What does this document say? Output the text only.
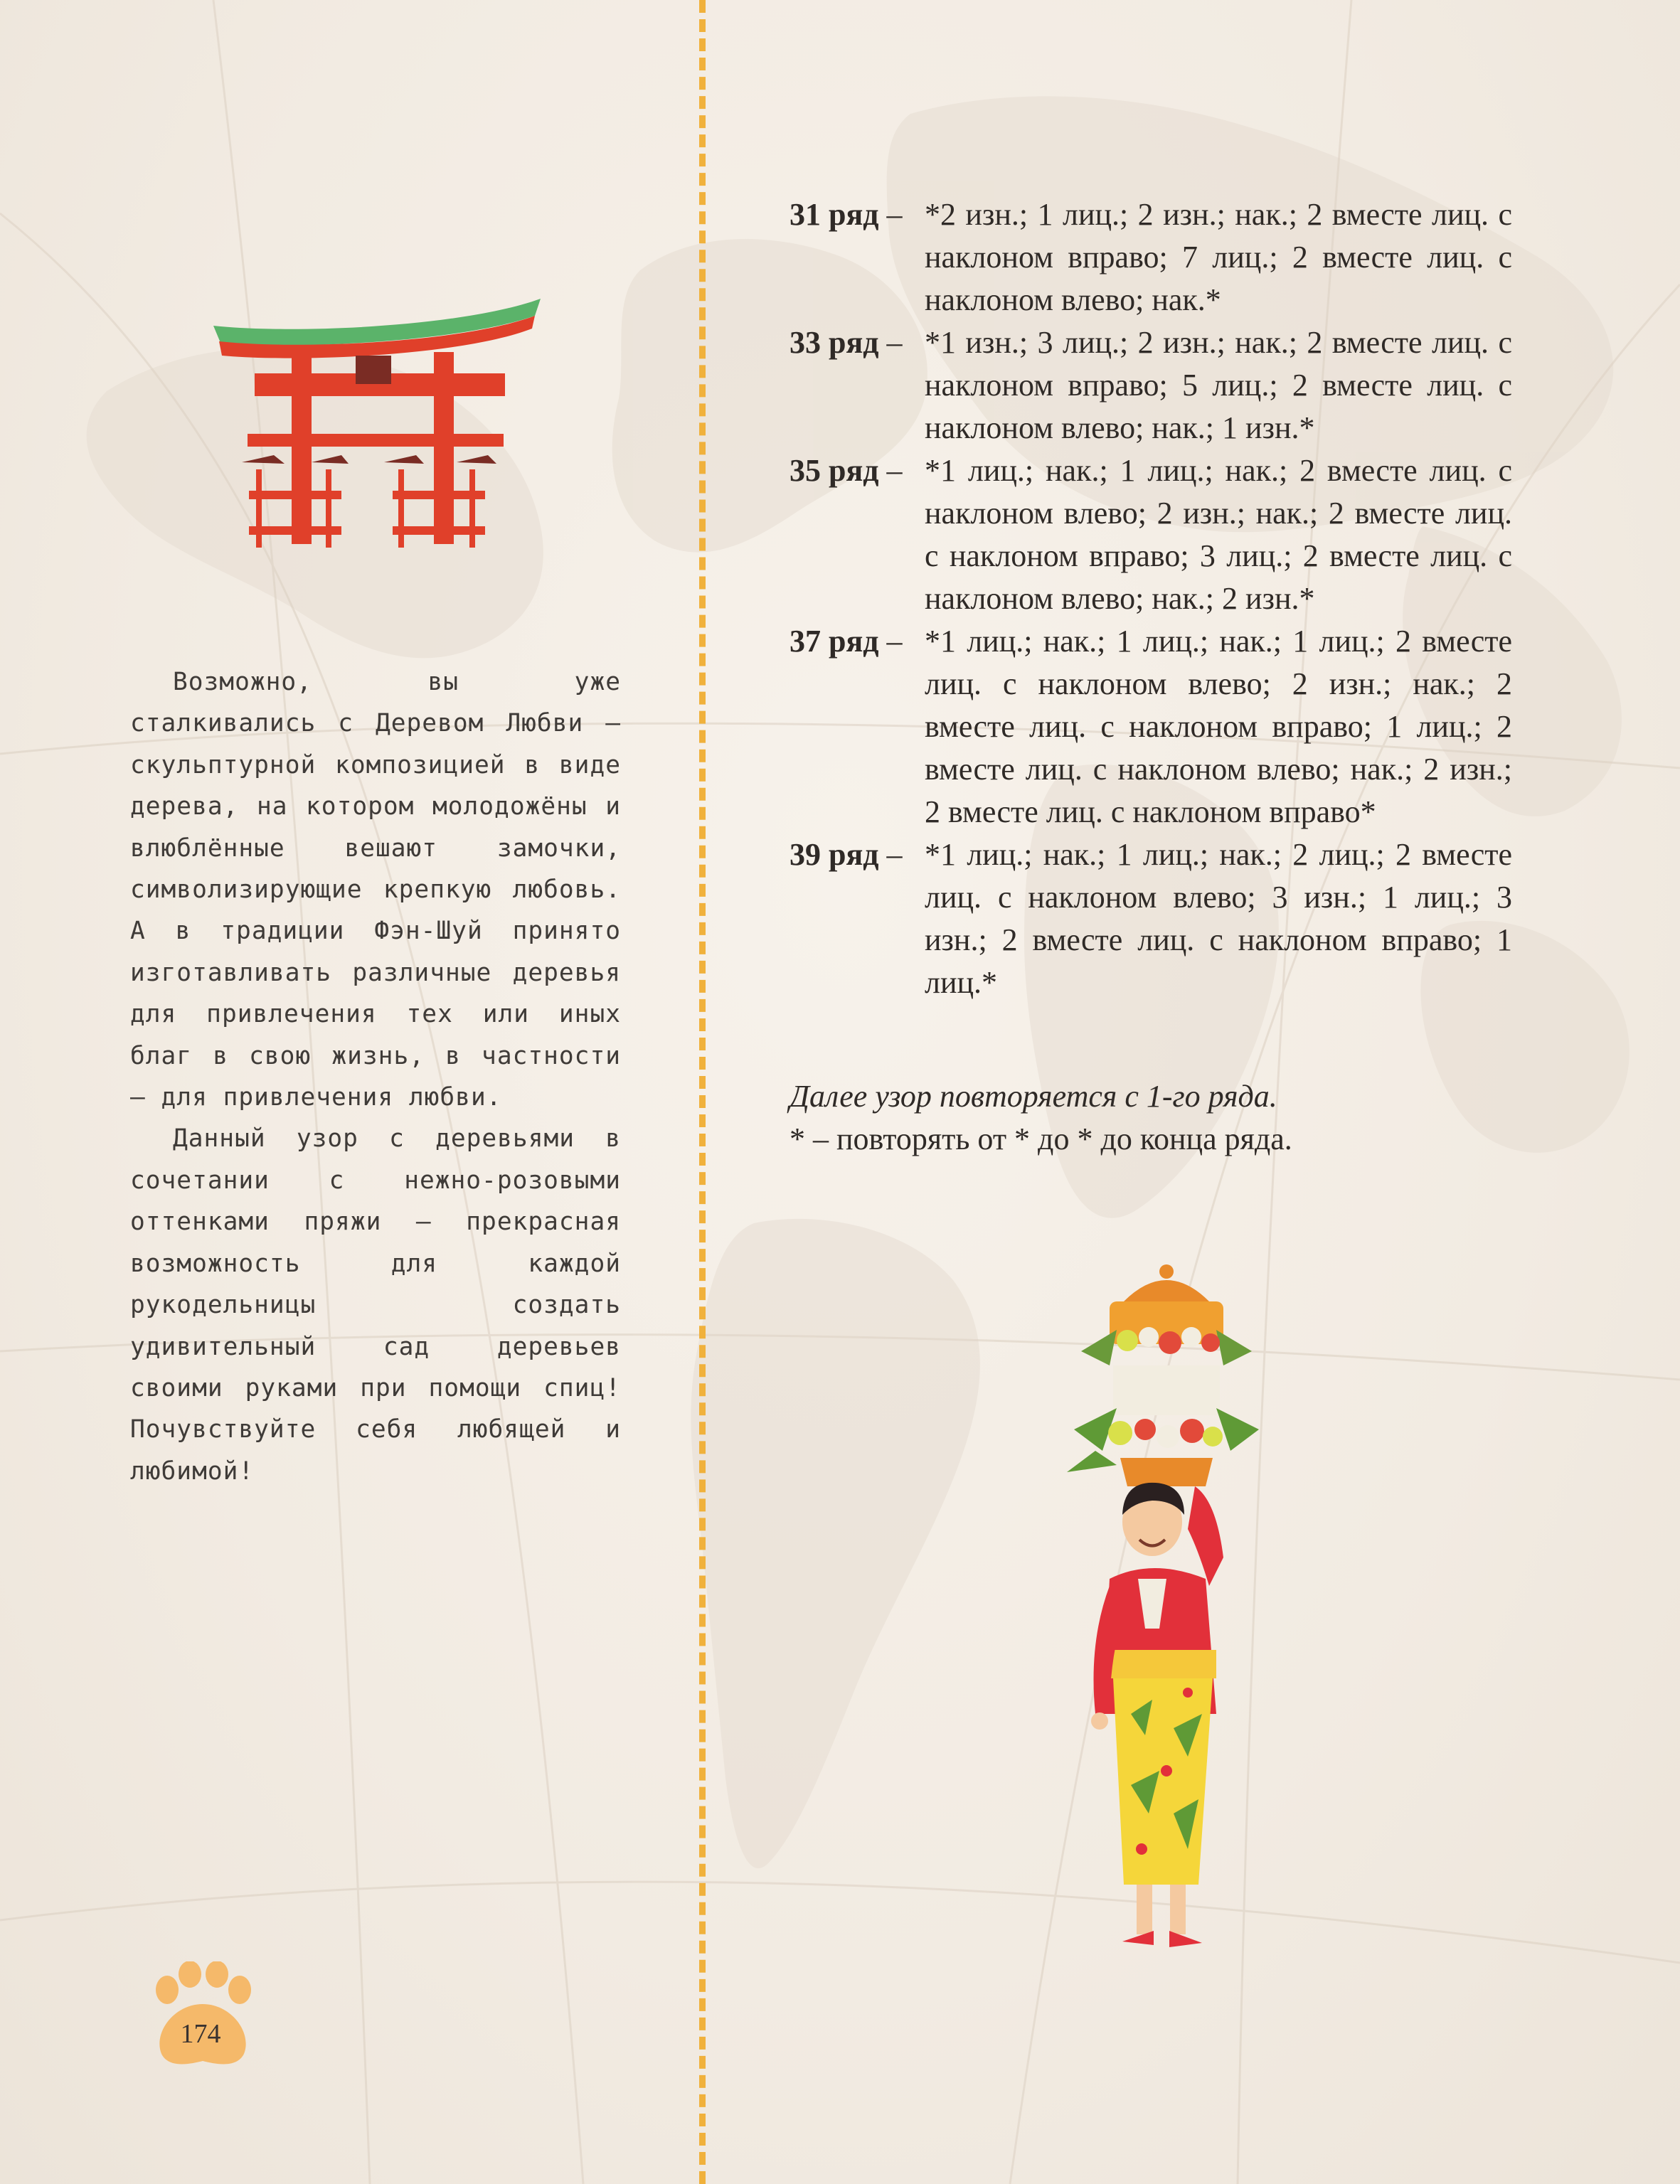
Возможно, вы уже сталкивались с Деревом Любви – скульптурной композицией в виде дерева, на котором молодожёны и влюблённые вешают замочки, символизирующие крепкую любовь. А в традиции Фэн-Шуй принято изготавливать различные деревья для привлечения тех или иных благ в свою жизнь, в частности – для привлечения любви.

Данный узор с деревьями в сочетании с нежно-розовыми оттенками пряжи – прекрасная возможность для каждой рукодельницы создать удивительный сад деревьев своими руками при помощи спиц! Почувствуйте себя любящей и любимой!

31 ряд – *2 изн.; 1 лиц.; 2 изн.; нак.; 2 вместе лиц. с наклоном вправо; 7 лиц.; 2 вместе лиц. с наклоном влево; нак.*
33 ряд – *1 изн.; 3 лиц.; 2 изн.; нак.; 2 вместе лиц. с наклоном вправо; 5 лиц.; 2 вместе лиц. с наклоном влево; нак.; 1 изн.*
35 ряд – *1 лиц.; нак.; 1 лиц.; нак.; 2 вместе лиц. с наклоном влево; 2 изн.; нак.; 2 вместе лиц. с наклоном вправо; 3 лиц.; 2 вместе лиц. с наклоном влево; нак.; 2 изн.*
37 ряд – *1 лиц.; нак.; 1 лиц.; нак.; 1 лиц.; 2 вместе лиц. с наклоном влево; 2 изн.; нак.; 2 вместе лиц. с наклоном вправо; 1 лиц.; 2 вместе лиц. с наклоном влево; нак.; 2 изн.; 2 вместе лиц. с наклоном вправо*
39 ряд – *1 лиц.; нак.; 1 лиц.; нак.; 2 лиц.; 2 вместе лиц. с наклоном влево; 3 изн.; 1 лиц.; 3 изн.; 2 вместе лиц. с наклоном вправо; 1 лиц.*
Далее узор повторяется с 1-го ряда.
* – повторять от * до * до конца ряда.
174
